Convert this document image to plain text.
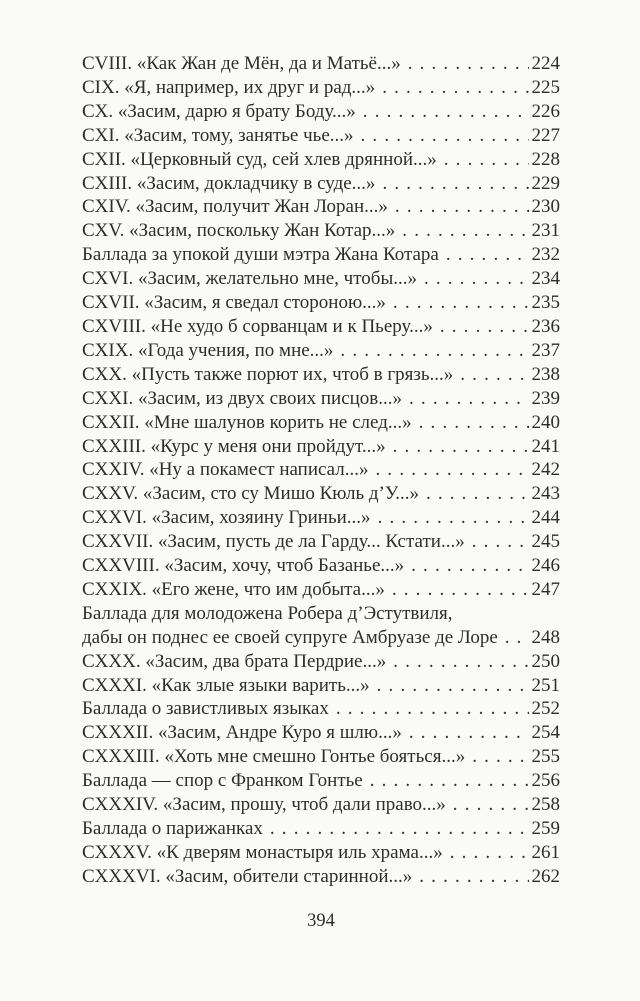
CVIII. «Как Жан де Мён, да и Матьё...» . . .	224
CIX. «Я, например, их друг и рад...» . . .	225
CX. «Засим, дарю я брату Боду...» . . .	226
CXI. «Засим, тому, занятье чье...» . . .	227
CXII. «Церковный суд, сей хлев дрянной...» . . .	228
CXIII. «Засим, докладчику в суде...» . . .	229
CXIV. «Засим, получит Жан Лоран...» . . .	230
CXV. «Засим, поскольку Жан Котар...» . . .	231
Баллада за упокой души мэтра Жана Котара . . .	232
CXVI. «Засим, желательно мне, чтобы...» . . .	234
CXVII. «Засим, я сведал стороною...» . . .	235
CXVIII. «Не худо б сорванцам и к Пьеру...» . . .	236
CXIX. «Года учения, по мне...» . . .	237
CXX. «Пусть также порют их, чтоб в грязь...» . . .	238
CXXI. «Засим, из двух своих писцов...» . . .	239
CXXII. «Мне шалунов корить не след...» . . .	240
CXXIII. «Курс у меня они пройдут...» . . .	241
CXXIV. «Ну а покамест написал...» . . .	242
CXXV. «Засим, сто су Мишо Кюль д’У...» . . .	243
CXXVI. «Засим, хозяину Гриньи...» . . .	244
CXXVII. «Засим, пусть де ла Гарду... Кстати...» . . .	245
CXXVIII. «Засим, хочу, чтоб Базанье...» . . .	246
CXXIX. «Его жене, что им добыта...» . . .	247
Баллада для молодожена Робера д’Эстутвиля,
дабы он поднес ее своей супруге Амбруазе де Лоре . . . 248
CXXX. «Засим, два брата Пердрие...» . . .	250
CXXXI. «Как злые языки варить...» . . .	251
Баллада о завистливых языках . . .	252
CXXXII. «Засим, Андре Куро я шлю...» . . .	254
CXXXIII. «Хоть мне смешно Гонтье бояться...» . . .	255
Баллада — спор с Франком Гонтье . . .	256
CXXXIV. «Засим, прошу, чтоб дали право...» . . .	258
Баллада о парижанках . . .	259
CXXXV. «К дверям монастыря иль храма...» . . .	261
CXXXVI. «Засим, обители старинной...» . . .	262
394
